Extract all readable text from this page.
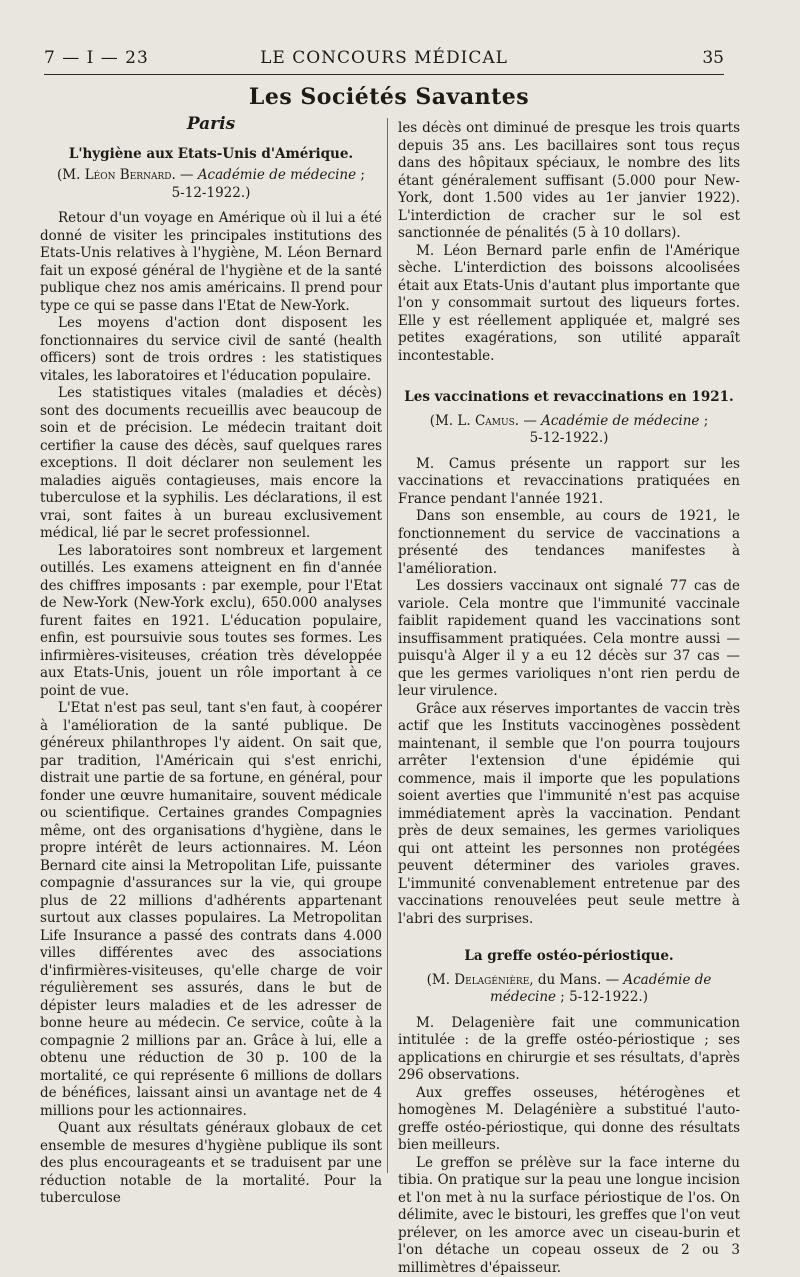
7 — I — 23	LE CONCOURS MÉDICAL	35
Les Sociétés Savantes
Paris
L'hygiène aux Etats-Unis d'Amérique.
(M. Léon Bernard. — Académie de médecine ;
5-12-1922.)

Retour d'un voyage en Amérique où il lui a été donné de visiter les principales institutions des Etats-Unis relatives à l'hygiène, M. Léon Bernard fait un exposé général de l'hygiène et de la santé publique chez nos amis américains. Il prend pour type ce qui se passe dans l'Etat de New-York.

Les moyens d'action dont disposent les fonctionnaires du service civil de santé (health officers) sont de trois ordres : les statistiques vitales, les laboratoires et l'éducation populaire.

Les statistiques vitales (maladies et décès) sont des documents recueillis avec beaucoup de soin et de précision. Le médecin traitant doit certifier la cause des décès, sauf quelques rares exceptions. Il doit déclarer non seulement les maladies aiguës contagieuses, mais encore la tuberculose et la syphilis. Les déclarations, il est vrai, sont faites à un bureau exclusivement médical, lié par le secret professionnel.

Les laboratoires sont nombreux et largement outillés. Les examens atteignent en fin d'année des chiffres imposants : par exemple, pour l'Etat de New-York (New-York exclu), 650.000 analyses furent faites en 1921. L'éducation populaire, enfin, est poursuivie sous toutes ses formes. Les infirmières-visiteuses, création très développée aux Etats-Unis, jouent un rôle important à ce point de vue.

L'Etat n'est pas seul, tant s'en faut, à coopérer à l'amélioration de la santé publique. De généreux philanthropes l'y aident. On sait que, par tradition, l'Américain qui s'est enrichi, distrait une partie de sa fortune, en général, pour fonder une œuvre humanitaire, souvent médicale ou scientifique. Certaines grandes Compagnies même, ont des organisations d'hygiène, dans le propre intérêt de leurs actionnaires. M. Léon Bernard cite ainsi la Metropolitan Life, puissante compagnie d'assurances sur la vie, qui groupe plus de 22 millions d'adhérents appartenant surtout aux classes populaires. La Metropolitan Life Insurance a passé des contrats dans 4.000 villes différentes avec des associations d'infirmières-visiteuses, qu'elle charge de voir régulièrement ses assurés, dans le but de dépister leurs maladies et de les adresser de bonne heure au médecin. Ce service, coûte à la compagnie 2 millions par an. Grâce à lui, elle a obtenu une réduction de 30 p. 100 de la mortalité, ce qui représente 6 millions de dollars de bénéfices, laissant ainsi un avantage net de 4 millions pour les actionnaires.

Quant aux résultats généraux globaux de cet ensemble de mesures d'hygiène publique ils sont des plus encourageants et se traduisent par une réduction notable de la mortalité. Pour la tuberculose

les décès ont diminué de presque les trois quarts depuis 35 ans. Les bacillaires sont tous reçus dans des hôpitaux spéciaux, le nombre des lits étant généralement suffisant (5.000 pour New-York, dont 1.500 vides au 1er janvier 1922). L'interdiction de cracher sur le sol est sanctionnée de pénalités (5 à 10 dollars).

M. Léon Bernard parle enfin de l'Amérique sèche. L'interdiction des boissons alcoolisées était aux Etats-Unis d'autant plus importante que l'on y consommait surtout des liqueurs fortes. Elle y est réellement appliquée et, malgré ses petites exagérations, son utilité apparaît incontestable.

Les vaccinations et revaccinations en 1921.
(M. L. Camus. — Académie de médecine ;
5-12-1922.)

M. Camus présente un rapport sur les vaccinations et revaccinations pratiquées en France pendant l'année 1921.

Dans son ensemble, au cours de 1921, le fonctionnement du service de vaccinations a présenté des tendances manifestes à l'amélioration.

Les dossiers vaccinaux ont signalé 77 cas de variole. Cela montre que l'immunité vaccinale faiblit rapidement quand les vaccinations sont insuffisamment pratiquées. Cela montre aussi — puisqu'à Alger il y a eu 12 décès sur 37 cas — que les germes varioliques n'ont rien perdu de leur virulence.

Grâce aux réserves importantes de vaccin très actif que les Instituts vaccinogènes possèdent maintenant, il semble que l'on pourra toujours arrêter l'extension d'une épidémie qui commence, mais il importe que les populations soient averties que l'immunité n'est pas acquise immédiatement après la vaccination. Pendant près de deux semaines, les germes varioliques qui ont atteint les personnes non protégées peuvent déterminer des varioles graves. L'immunité convenablement entretenue par des vaccinations renouvelées peut seule mettre à l'abri des surprises.

La greffe ostéo-périostique.
(M. Delagénière, du Mans. — Académie de médecine ; 5-12-1922.)

M. Delagenière fait une communication intitulée : de la greffe ostéo-périostique ; ses applications en chirurgie et ses résultats, d'après 296 observations.

Aux greffes osseuses, hétérogènes et homogènes M. Delagénière a substitué l'auto-greffe ostéo-périostique, qui donne des résultats bien meilleurs.

Le greffon se prélève sur la face interne du tibia. On pratique sur la peau une longue incision et l'on met à nu la surface périostique de l'os. On délimite, avec le bistouri, les greffes que l'on veut prélever, on les amorce avec un ciseau-burin et l'on détache un copeau osseux de 2 ou 3 millimètres d'épaisseur.
